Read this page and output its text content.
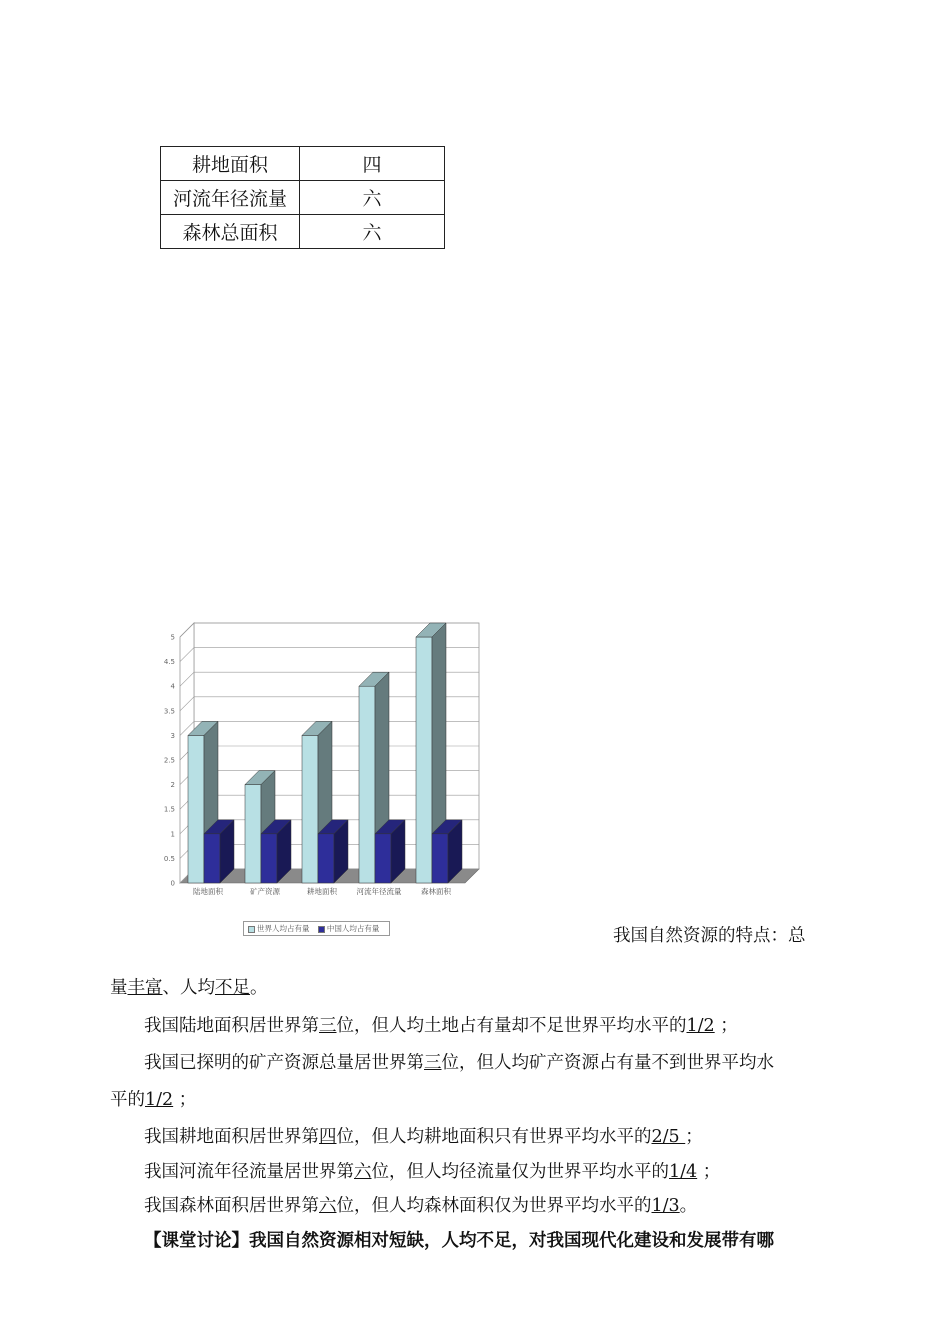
耕地面积	四
河流年径流量	六
森林总面积	六
0
0.5
1
1.5
2
2.5
3
3.5
4
4.5
5
陆地面积	矿产资源	耕地面积	河流年径流量	森林面积
世界人均占有量 中国人均占有量	我国自然资源的特点：总

量丰富、人均不足。

我国陆地面积居世界第三位，但人均土地占有量却不足世界平均水平的1/2 ；

我国已探明的矿产资源总量居世界第三位，但人均矿产资源占有量不到世界平均水

平的1/2 ；

我国耕地面积居世界第四位，但人均耕地面积只有世界平均水平的2/5 ；

我国河流年径流量居世界第六位，但人均径流量仅为世界平均水平的1/4 ；

我国森林面积居世界第六位，但人均森林面积仅为世界平均水平的1/3。

【课堂讨论】我国自然资源相对短缺，人均不足，对我国现代化建设和发展带有哪
